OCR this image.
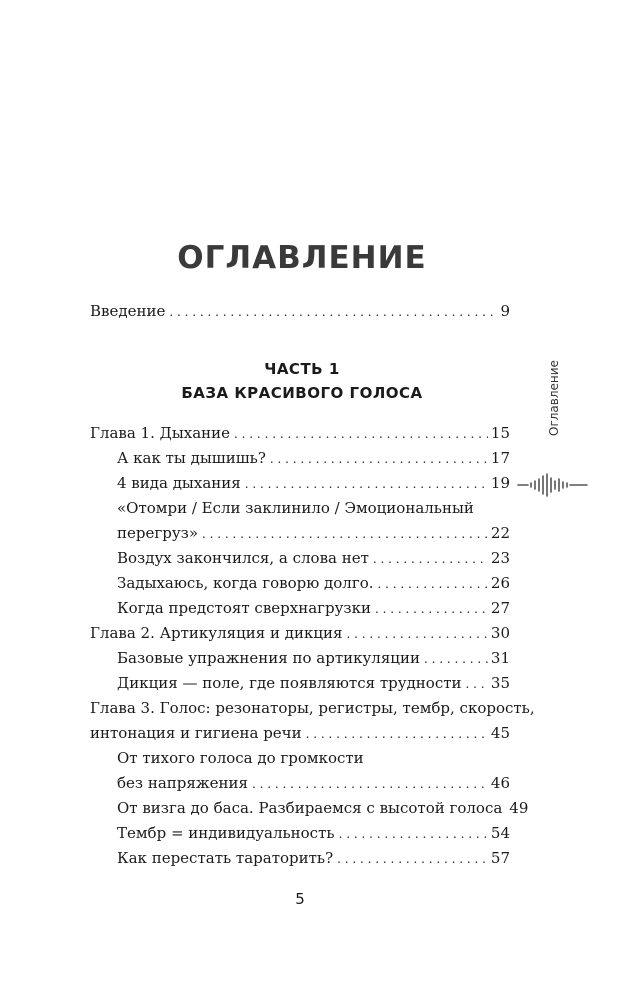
ОГЛАВЛЕНИЕ
Введение . . .	9
Глава 1. Дыхание . . .	15
А как ты дышишь? . . .	17
4 вида дыхания . . .	19
«Отомри / Если заклинило / Эмоциональный
перегруз» . . .	22
Воздух закончился, а слова нет . . .	23
Задыхаюсь, когда говорю долго. . . .	26
Когда предстоят сверхнагрузки . . .	27
Глава 2. Артикуляция и дикция . . .	30
Базовые упражнения по артикуляции . . .	31
Дикция — поле, где появляются трудности . . . 35
Глава 3. Голос: резонаторы, регистры, тембр, скорость,
интонация и гигиена речи . . .	45
От тихого голоса до громкости
без напряжения . . .	46
От визга до баса. Разбираемся с высотой голоса 49
Тембр = индивидуальность . . .	54
Как перестать тараторить? . . .	57
ЧАСТЬ 1
БАЗА КРАСИВОГО ГОЛОСА	Оглавление
5
